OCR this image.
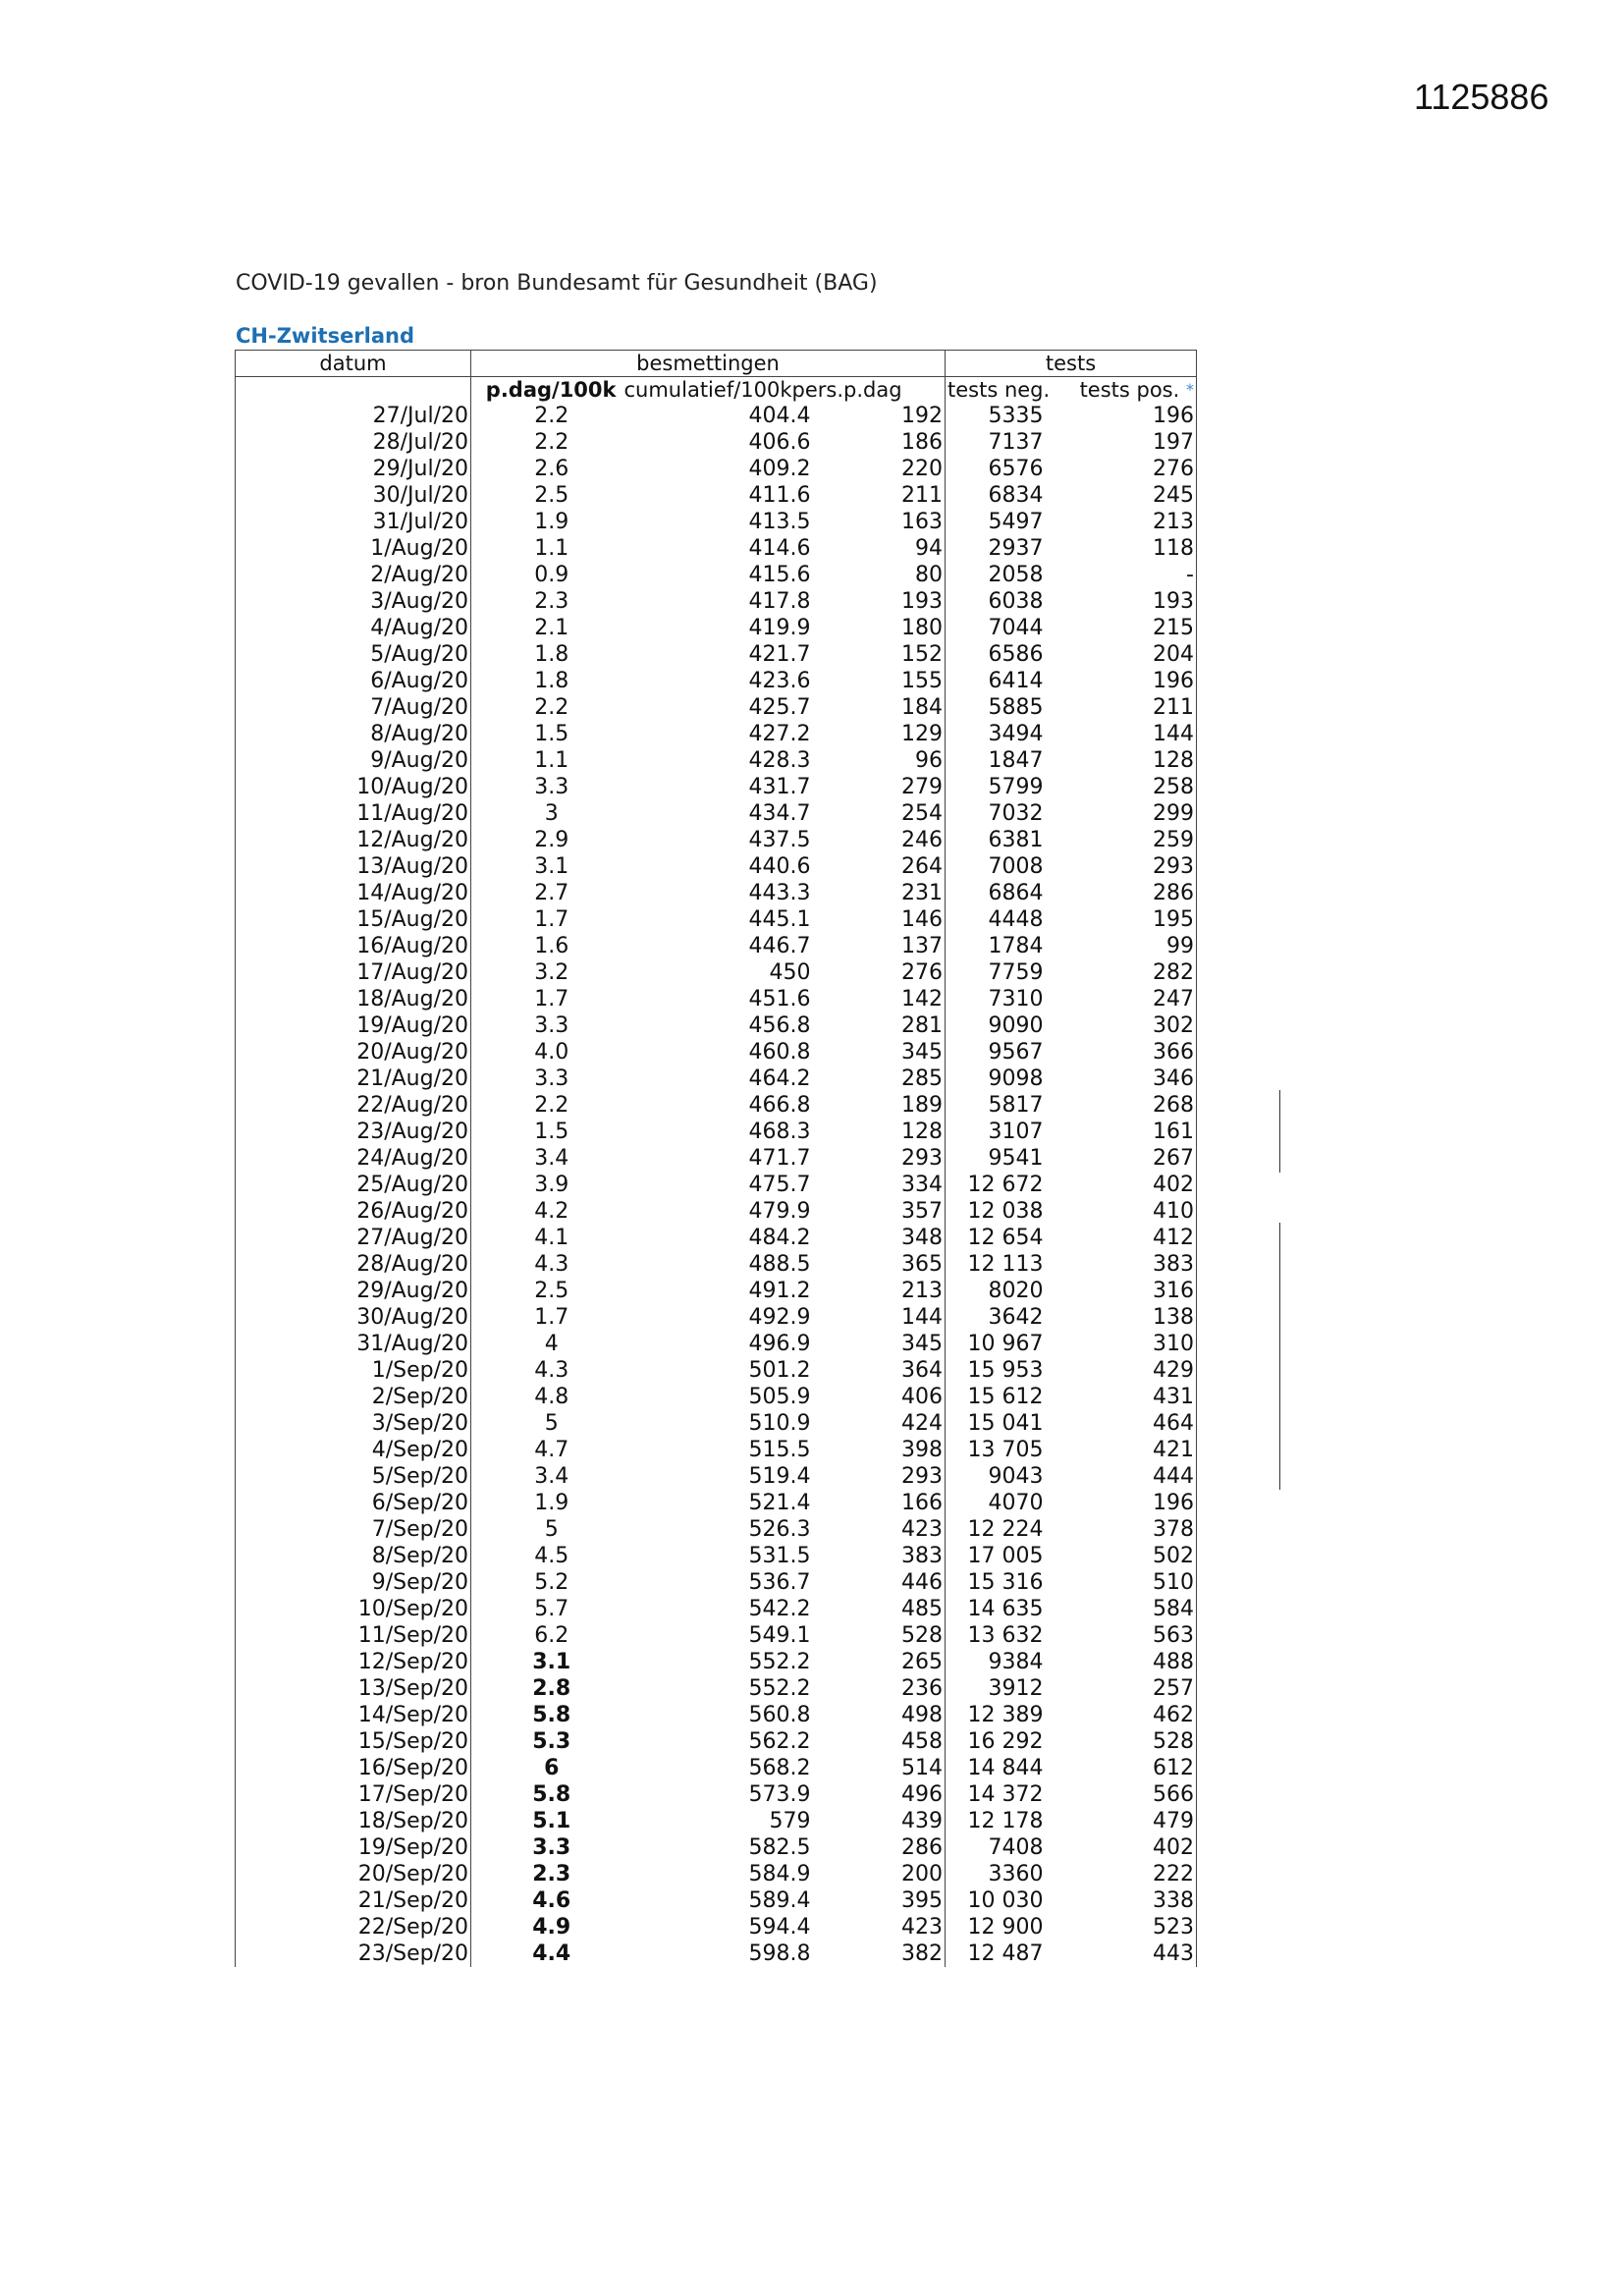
1125886
COVID-19 gevallen - bron Bundesamt für Gesundheit (BAG)
CH-Zwitserland
datum	besmettingen			tests	
	p.dag/100k	cumulatief/100kpers.p.dag		tests neg.	tests pos. *
27/Jul/20	2.2	404.4	192	5335	196
28/Jul/20	2.2	406.6	186	7137	197
29/Jul/20	2.6	409.2	220	6576	276
30/Jul/20	2.5	411.6	211	6834	245
31/Jul/20	1.9	413.5	163	5497	213
1/Aug/20	1.1	414.6	94	2937	118
2/Aug/20	0.9	415.6	80	2058	-
3/Aug/20	2.3	417.8	193	6038	193
4/Aug/20	2.1	419.9	180	7044	215
5/Aug/20	1.8	421.7	152	6586	204
6/Aug/20	1.8	423.6	155	6414	196
7/Aug/20	2.2	425.7	184	5885	211
8/Aug/20	1.5	427.2	129	3494	144
9/Aug/20	1.1	428.3	96	1847	128
10/Aug/20	3.3	431.7	279	5799	258
11/Aug/20	3	434.7	254	7032	299
12/Aug/20	2.9	437.5	246	6381	259
13/Aug/20	3.1	440.6	264	7008	293
14/Aug/20	2.7	443.3	231	6864	286
15/Aug/20	1.7	445.1	146	4448	195
16/Aug/20	1.6	446.7	137	1784	99
17/Aug/20	3.2	450	276	7759	282
18/Aug/20	1.7	451.6	142	7310	247
19/Aug/20	3.3	456.8	281	9090	302
20/Aug/20	4.0	460.8	345	9567	366
21/Aug/20	3.3	464.2	285	9098	346
22/Aug/20	2.2	466.8	189	5817	268
23/Aug/20	1.5	468.3	128	3107	161
24/Aug/20	3.4	471.7	293	9541	267
25/Aug/20	3.9	475.7	334	12 672	402
26/Aug/20	4.2	479.9	357	12 038	410
27/Aug/20	4.1	484.2	348	12 654	412
28/Aug/20	4.3	488.5	365	12 113	383
29/Aug/20	2.5	491.2	213	8020	316
30/Aug/20	1.7	492.9	144	3642	138
31/Aug/20	4	496.9	345	10 967	310
1/Sep/20	4.3	501.2	364	15 953	429
2/Sep/20	4.8	505.9	406	15 612	431
3/Sep/20	5	510.9	424	15 041	464
4/Sep/20	4.7	515.5	398	13 705	421
5/Sep/20	3.4	519.4	293	9043	444
6/Sep/20	1.9	521.4	166	4070	196
7/Sep/20	5	526.3	423	12 224	378
8/Sep/20	4.5	531.5	383	17 005	502
9/Sep/20	5.2	536.7	446	15 316	510
10/Sep/20	5.7	542.2	485	14 635	584
11/Sep/20	6.2	549.1	528	13 632	563
12/Sep/20	3.1	552.2	265	9384	488
13/Sep/20	2.8	552.2	236	3912	257
14/Sep/20	5.8	560.8	498	12 389	462
15/Sep/20	5.3	562.2	458	16 292	528
16/Sep/20	6	568.2	514	14 844	612
17/Sep/20	5.8	573.9	496	14 372	566
18/Sep/20	5.1	579	439	12 178	479
19/Sep/20	3.3	582.5	286	7408	402
20/Sep/20	2.3	584.9	200	3360	222
21/Sep/20	4.6	589.4	395	10 030	338
22/Sep/20	4.9	594.4	423	12 900	523
23/Sep/20	4.4	598.8	382	12 487	443
